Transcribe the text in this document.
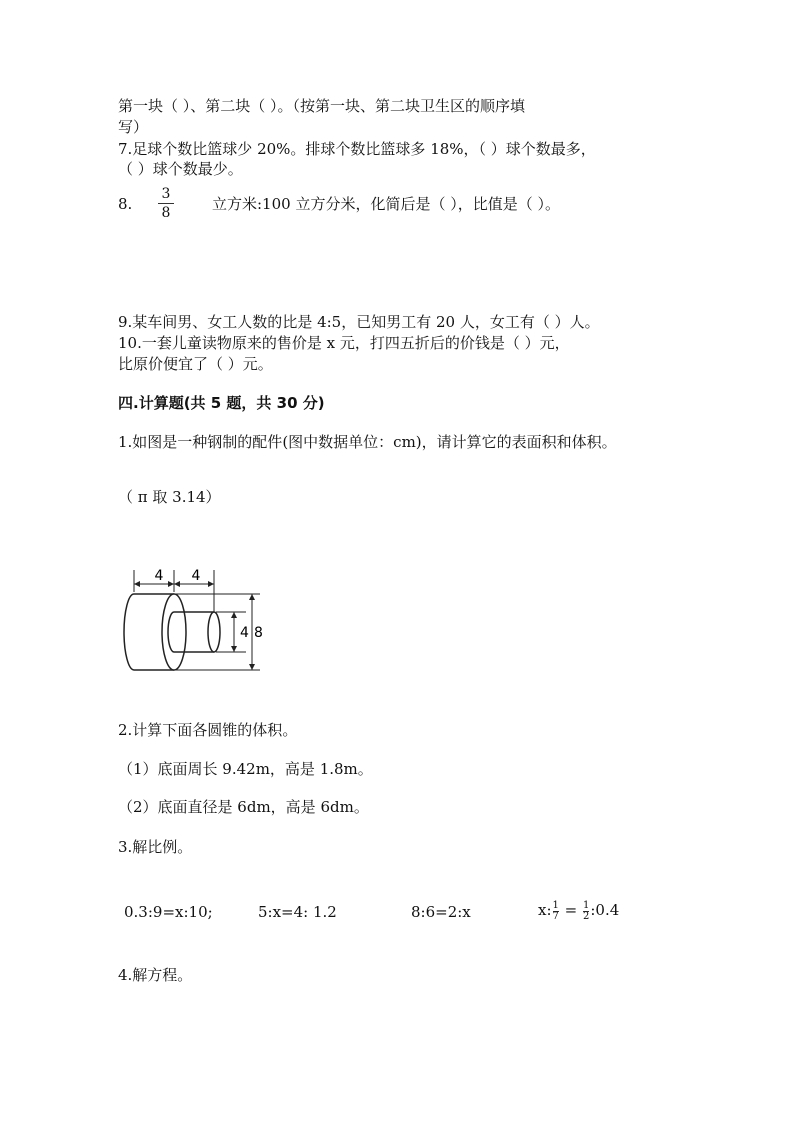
第一块（ ）、第二块（ ）。（按第一块、第二块卫生区的顺序填
写）
7.足球个数比篮球少 20%。排球个数比篮球多 18%，（ ）球个数最多，
（ ）球个数最少。
8.
3
8	立方米:100 立方分米，化简后是（ ），比值是（ ）。
9.某车间男、女工人数的比是 4:5，已知男工有 20 人，女工有（ ）人。
10.一套儿童读物原来的售价是 x 元，打四五折后的价钱是（ ）元，
比原价便宜了（ ）元。
四.计算题(共 5 题，共 30 分)
1.如图是一种钢制的配件(图中数据单位：cm)，请计算它的表面积和体积。
（ π 取 3.14）
4 4
4 8
2.计算下面各圆锥的体积。
（1）底面周长 9.42m，高是 1.8m。
（2）底面直径是 6dm，高是 6dm。
3.解比例。
0.3:9=x:10;	5:x=4: 1.2	8:6=2:x	x: $\frac{1}{7} = \frac{1}{2}$ :0.4
4.解方程。
